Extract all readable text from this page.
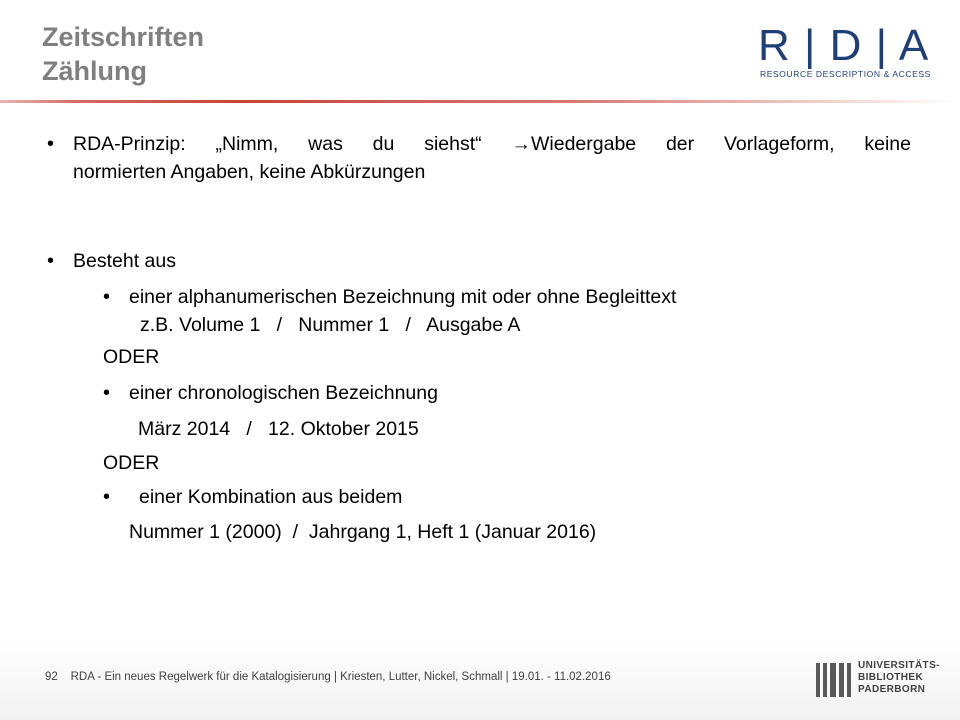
Zeitschriften
Zählung
R | D | A
RESOURCE DESCRIPTION & ACCESS
• RDA-Prinzip: „Nimm, was du siehst“ →Wiedergabe der Vorlageform, keine
normierten Angaben, keine Abkürzungen
• Besteht aus
• einer alphanumerischen Bezeichnung mit oder ohne Begleittext
z.B. Volume 1   /   Nummer 1   /   Ausgabe A
ODER
• einer chronologischen Bezeichnung
März 2014   /   12. Oktober 2015
ODER
• einer Kombination aus beidem
Nummer 1 (2000)  /  Jahrgang 1, Heft 1 (Januar 2016)
92 RDA - Ein neues Regelwerk für die Katalogisierung | Kriesten, Lutter, Nickel, Schmall | 19.01. - 11.02.2016
UNIVERSITÄTS-
BIBLIOTHEK
PADERBORN
